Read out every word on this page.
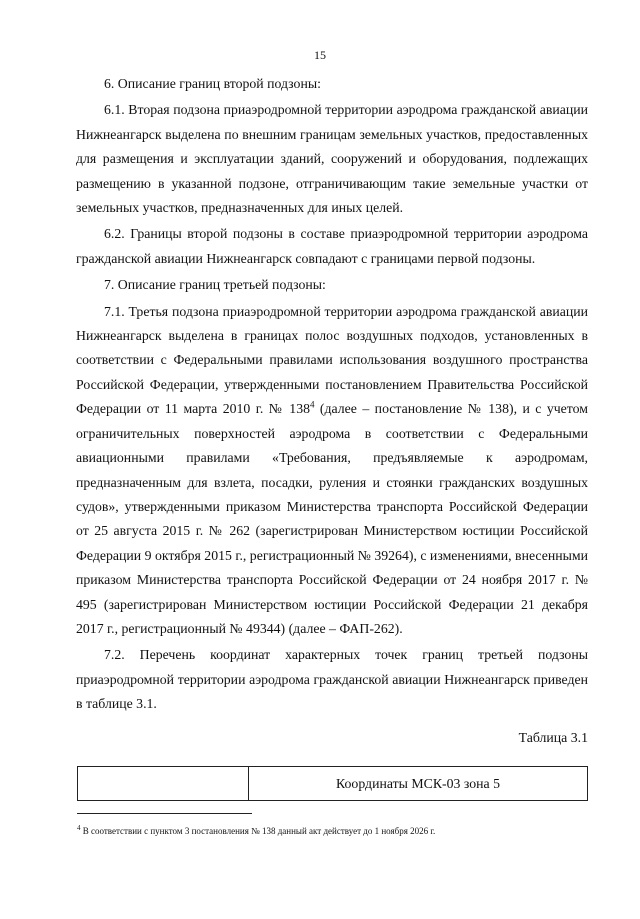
15

6. Описание границ второй подзоны:

6.1. Вторая подзона приаэродромной территории аэродрома гражданской авиации Нижнеангарск выделена по внешним границам земельных участков, предоставленных для размещения и эксплуатации зданий, сооружений и оборудования, подлежащих размещению в указанной подзоне, отграничивающим такие земельные участки от земельных участков, предназначенных для иных целей.

6.2. Границы второй подзоны в составе приаэродромной территории аэродрома гражданской авиации Нижнеангарск совпадают с границами первой подзоны.

7. Описание границ третьей подзоны:

7.1. Третья подзона приаэродромной территории аэродрома гражданской авиации Нижнеангарск выделена в границах полос воздушных подходов, установленных в соответствии с Федеральными правилами использования воздушного пространства Российской Федерации, утвержденными постановлением Правительства Российской Федерации от 11 марта 2010 г. № $138^4$ (далее – постановление № 138), и с учетом ограничительных поверхностей аэродрома в соответствии с Федеральными авиационными правилами «Требования, предъявляемые к аэродромам, предназначенным для взлета, посадки, руления и стоянки гражданских воздушных судов», утвержденными приказом Министерства транспорта Российской Федерации от 25 августа 2015 г. № 262 (зарегистрирован Министерством юстиции Российской Федерации 9 октября 2015 г., регистрационный № 39264), с изменениями, внесенными приказом Министерства транспорта Российской Федерации от 24 ноября 2017 г. № 495 (зарегистрирован Министерством юстиции Российской Федерации 21 декабря 2017 г., регистрационный № 49344) (далее – ФАП-262).

7.2. Перечень координат характерных точек границ третьей подзоны приаэродромной территории аэродрома гражданской авиации Нижнеангарск приведен в таблице 3.1.

Таблица 3.1

Координаты МСК-03 зона 5
$^4$ В соответствии с пунктом 3 постановления № 138 данный акт действует до 1 ноября 2026 г.
